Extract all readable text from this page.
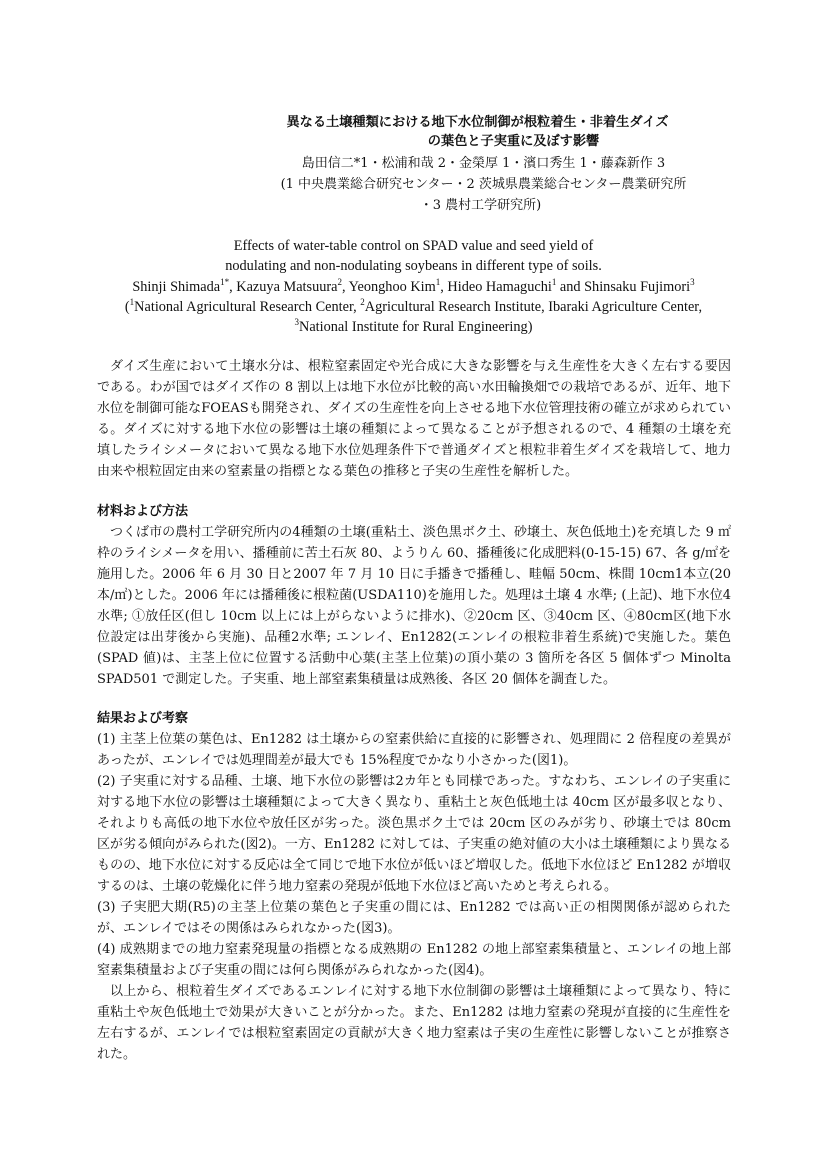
異なる土壌種類における地下水位制御が根粒着生・非着生ダイズ
の葉色と子実重に及ぼす影響
島田信二*1・松浦和哉 2・金榮厚 1・濱口秀生 1・藤森新作 3
(1 中央農業総合研究センター・2 茨城県農業総合センター農業研究所
・3 農村工学研究所)
Effects of water-table control on SPAD value and seed yield of
nodulating and non-nodulating soybeans in different type of soils.
Shinji Shimada$^{1*}$, Kazuya Matsuura$^2$, Yeonghoo Kim$^1$, Hideo Hamaguchi$^1$ and Shinsaku Fujimori$^3$
($^1$National Agricultural Research Center, $^2$Agricultural Research Institute, Ibaraki Agriculture Center,
$^3$National Institute for Rural Engineering)

ダイズ生産において土壌水分は、根粒窒素固定や光合成に大きな影響を与え生産性を大きく左右する要因である。わが国ではダイズ作の 8 割以上は地下水位が比較的高い水田輪換畑での栽培であるが、近年、地下水位を制御可能なFOEASも開発され、ダイズの生産性を向上させる地下水位管理技術の確立が求められている。ダイズに対する地下水位の影響は土壌の種類によって異なることが予想されるので、4 種類の土壌を充填したライシメータにおいて異なる地下水位処理条件下で普通ダイズと根粒非着生ダイズを栽培して、地力由来や根粒固定由来の窒素量の指標となる葉色の推移と子実の生産性を解析した。

材料および方法

つくば市の農村工学研究所内の4種類の土壌(重粘土、淡色黒ボク土、砂壌土、灰色低地土)を充填した 9 ㎡枠のライシメータを用い、播種前に苦土石灰 80、ようりん 60、播種後に化成肥料(0-15-15) 67、各 g/㎡を施用した。2006 年 6 月 30 日と2007 年 7 月 10 日に手播きで播種し、畦幅 50cm、株間 10cm1本立(20 本/㎡)とした。2006 年には播種後に根粒菌(USDA110)を施用した。処理は土壌 4 水準; (上記)、地下水位4水準; ①放任区(但し 10cm 以上には上がらないように排水)、②20cm 区、③40cm 区、④80cm区(地下水位設定は出芽後から実施)、品種2水準; エンレイ、En1282(エンレイの根粒非着生系統)で実施した。葉色(SPAD 値)は、主茎上位に位置する活動中心葉(主茎上位葉)の頂小葉の 3 箇所を各区 5 個体ずつ Minolta SPAD501 で測定した。子実重、地上部窒素集積量は成熟後、各区 20 個体を調査した。

結果および考察

(1) 主茎上位葉の葉色は、En1282 は土壌からの窒素供給に直接的に影響され、処理間に 2 倍程度の差異があったが、エンレイでは処理間差が最大でも 15%程度でかなり小さかった(図1)。

(2) 子実重に対する品種、土壌、地下水位の影響は2カ年とも同様であった。すなわち、エンレイの子実重に対する地下水位の影響は土壌種類によって大きく異なり、重粘土と灰色低地土は 40cm 区が最多収となり、それよりも高低の地下水位や放任区が劣った。淡色黒ボク土では 20cm 区のみが劣り、砂壌土では 80cm 区が劣る傾向がみられた(図2)。一方、En1282 に対しては、子実重の絶対値の大小は土壌種類により異なるものの、地下水位に対する反応は全て同じで地下水位が低いほど増収した。低地下水位ほど En1282 が増収するのは、土壌の乾燥化に伴う地力窒素の発現が低地下水位ほど高いためと考えられる。

(3) 子実肥大期(R5)の主茎上位葉の葉色と子実重の間には、En1282 では高い正の相関関係が認められたが、エンレイではその関係はみられなかった(図3)。

(4) 成熟期までの地力窒素発現量の指標となる成熟期の En1282 の地上部窒素集積量と、エンレイの地上部窒素集積量および子実重の間には何ら関係がみられなかった(図4)。

以上から、根粒着生ダイズであるエンレイに対する地下水位制御の影響は土壌種類によって異なり、特に重粘土や灰色低地土で効果が大きいことが分かった。また、En1282 は地力窒素の発現が直接的に生産性を左右するが、エンレイでは根粒窒素固定の貢献が大きく地力窒素は子実の生産性に影響しないことが推察された。
